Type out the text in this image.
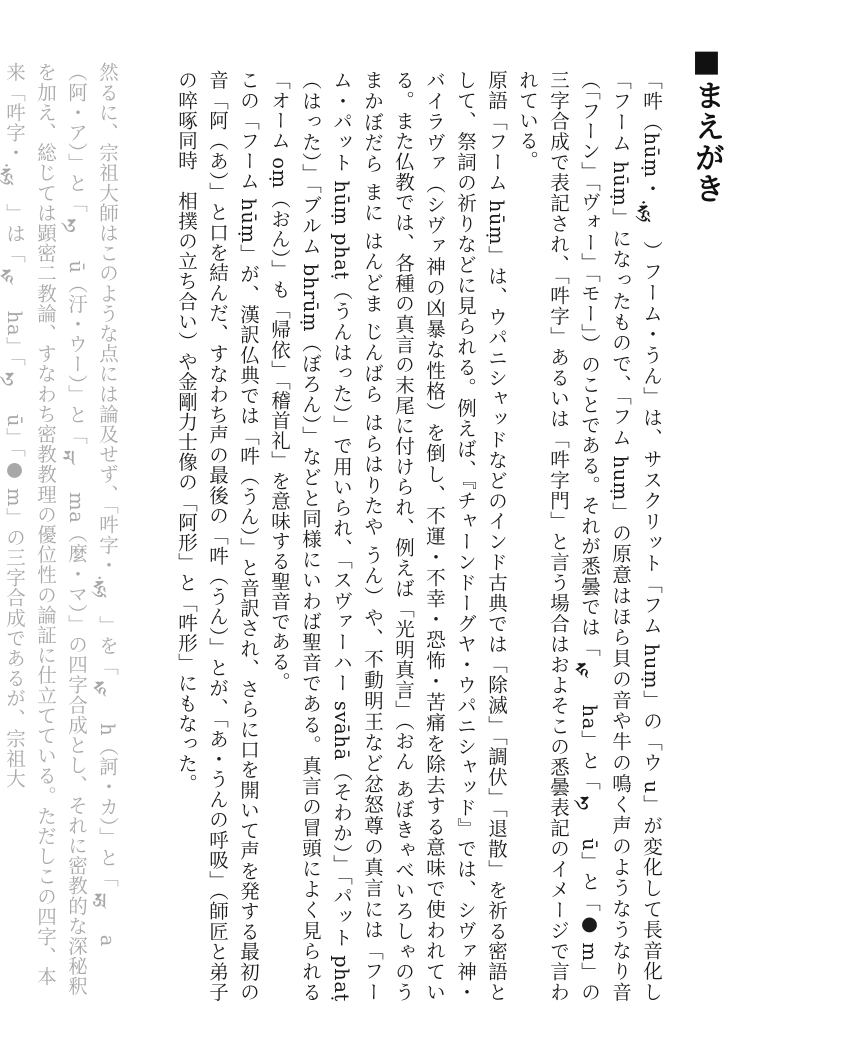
■まえがき

「吽（hūṃ・𑖮𑖳𑖽）フーム・うん」は、サスクリット「フム huṃ」の「ウ u」が変化して長音化し「フーム hūṃ」になったもので、「フム huṃ」の原意はほら貝の音や牛の鳴く声のようなうなり音（「フーン」「ヴォー」「モー」）のことである。それが悉曇では「𑖮 ha」と「𑖄 ū」と「● m」の三字合成で表記され、「吽字」あるいは「吽字門」と言う場合はおよそこの悉曇表記のイメージで言われている。

原語「フーム hūṃ」は、ウパニシャッドなどのインド古典では「除滅」「調伏」「退散」を祈る密語として、祭詞の祈りなどに見られる。例えば、『チャーンドーグヤ・ウパニシャッド』では、シヴァ神・バイラヴァ（シヴァ神の凶暴な性格）を倒し、不運・不幸・恐怖・苦痛を除去する意味で使われている。また仏教では、各種の真言の末尾に付けられ、例えば「光明真言」（おん あぼきゃべいろしゃのう まかぼだら まに はんどま じんばら はらはりたや うん）や、不動明王など忿怒尊の真言には「フーム・パット hūṃ phaṭ（うんはった）」で用いられ、「スヴァーハー svāhā（そわか）」「パット phaṭ（はった）」「ブルム bhrūṃ（ぼろん）」などと同様にいわば聖音である。真言の冒頭によく見られる「オーム oṃ（おん）」も「帰依」「稽首礼」を意味する聖音である。

この「フーム hūṃ」が、漢訳仏典では「吽（うん）」と音訳され、さらに口を開いて声を発する最初の音「阿（あ）」と口を結んだ、すなわち声の最後の「吽（うん）」とが、「あ・うんの呼吸」（師匠と弟子の啐啄同時　相撲の立ち合い）や金剛力士像の「阿形」と「吽形」にもなった。

然るに、宗祖大師はこのような点には論及せず、「吽字・𑖮𑖳𑖽」を「𑖮 h（訶・カ）」と「𑖀 a（阿・ア）」と「𑖄 ū（汙・ウー）」と「𑖦 ma（麼・マ）」の四字合成とし、それに密教的な深秘釈を加え、総じては顕密二教論、すなわち密教教理の優位性の論証に仕立てている。ただしこの四字、本来「吽字・𑖮𑖳𑖽」は「𑖮 ha」「𑖄 ū」「● m」の三字合成であるが、宗祖大
